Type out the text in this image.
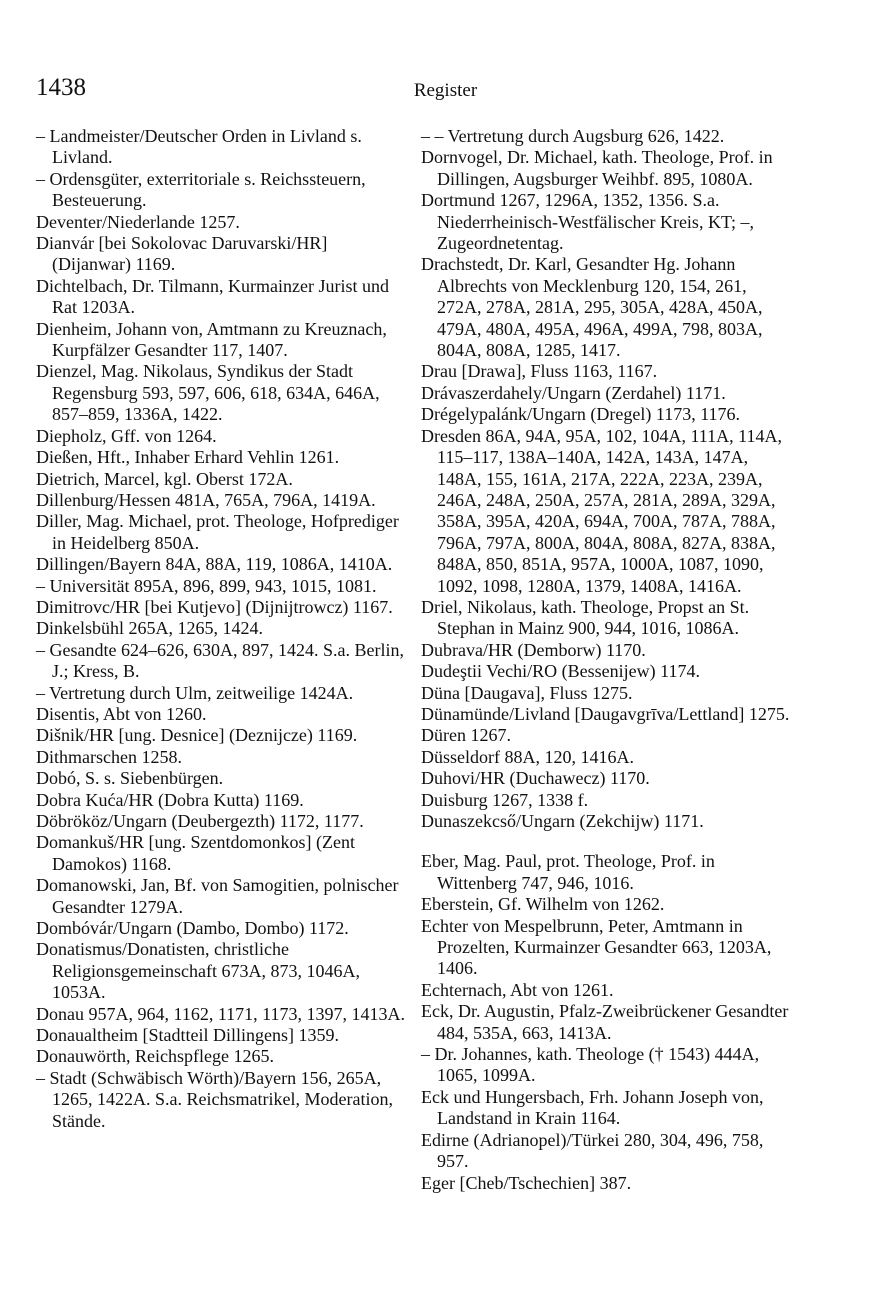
1438	Register

– Landmeister/Deutscher Orden in Livland s. Livland.

– Ordensgüter, exterritoriale s. Reichssteuern, Besteuerung.

Deventer/Niederlande 1257.

Dianvár [bei Sokolovac Daruvarski/HR] (Dijanwar) 1169.

Dichtelbach, Dr. Tilmann, Kurmainzer Jurist und Rat 1203A.

Dienheim, Johann von, Amtmann zu Kreuznach, Kurpfälzer Gesandter 117, 1407.

Dienzel, Mag. Nikolaus, Syndikus der Stadt Regensburg 593, 597, 606, 618, 634A, 646A, 857–859, 1336A, 1422.

Diepholz, Gff. von 1264.

Dießen, Hft., Inhaber Erhard Vehlin 1261.

Dietrich, Marcel, kgl. Oberst 172A.

Dillenburg/Hessen 481A, 765A, 796A, 1419A.

Diller, Mag. Michael, prot. Theologe, Hofprediger in Heidelberg 850A.

Dillingen/Bayern 84A, 88A, 119, 1086A, 1410A.

– Universität 895A, 896, 899, 943, 1015, 1081.

Dimitrovc/HR [bei Kutjevo] (Dijnijtrowcz) 1167.

Dinkelsbühl 265A, 1265, 1424.

– Gesandte 624–626, 630A, 897, 1424. S.a. Berlin, J.; Kress, B.

– Vertretung durch Ulm, zeitweilige 1424A.

Disentis, Abt von 1260.

Dišnik/HR [ung. Desnice] (Deznijcze) 1169.

Dithmarschen 1258.

Dobó, S. s. Siebenbürgen.

Dobra Kuća/HR (Dobra Kutta) 1169.

Döbrököz/Ungarn (Deubergezth) 1172, 1177.

Domankuš/HR [ung. Szentdomonkos] (Zent Damokos) 1168.

Domanowski, Jan, Bf. von Samogitien, polnischer Gesandter 1279A.

Dombóvár/Ungarn (Dambo, Dombo) 1172.

Donatismus/Donatisten, christliche Religionsgemeinschaft 673A, 873, 1046A, 1053A.

Donau 957A, 964, 1162, 1171, 1173, 1397, 1413A.

Donaualtheim [Stadtteil Dillingens] 1359.

Donauwörth, Reichspflege 1265.

– Stadt (Schwäbisch Wörth)/Bayern 156, 265A, 1265, 1422A. S.a. Reichsmatrikel, Moderation, Stände.

– – Vertretung durch Augsburg 626, 1422.

Dornvogel, Dr. Michael, kath. Theologe, Prof. in Dillingen, Augsburger Weihbf. 895, 1080A.

Dortmund 1267, 1296A, 1352, 1356. S.a. Niederrheinisch-Westfälischer Kreis, KT; –, Zugeordnetentag.

Drachstedt, Dr. Karl, Gesandter Hg. Johann Albrechts von Mecklenburg 120, 154, 261, 272A, 278A, 281A, 295, 305A, 428A, 450A, 479A, 480A, 495A, 496A, 499A, 798, 803A, 804A, 808A, 1285, 1417.

Drau [Drawa], Fluss 1163, 1167.

Drávaszerdahely/Ungarn (Zerdahel) 1171.

Drégelypalánk/Ungarn (Dregel) 1173, 1176.

Dresden 86A, 94A, 95A, 102, 104A, 111A, 114A, 115–117, 138A–140A, 142A, 143A, 147A, 148A, 155, 161A, 217A, 222A, 223A, 239A, 246A, 248A, 250A, 257A, 281A, 289A, 329A, 358A, 395A, 420A, 694A, 700A, 787A, 788A, 796A, 797A, 800A, 804A, 808A, 827A, 838A, 848A, 850, 851A, 957A, 1000A, 1087, 1090, 1092, 1098, 1280A, 1379, 1408A, 1416A.

Driel, Nikolaus, kath. Theologe, Propst an St. Stephan in Mainz 900, 944, 1016, 1086A.

Dubrava/HR (Demborw) 1170.

Dudeştii Vechi/RO (Bessenijew) 1174.

Düna [Daugava], Fluss 1275.

Dünamünde/Livland [Daugavgrīva/Lettland] 1275.

Düren 1267.

Düsseldorf 88A, 120, 1416A.

Duhovi/HR (Duchawecz) 1170.

Duisburg 1267, 1338 f.

Dunaszekcső/Ungarn (Zekchijw) 1171.

Eber, Mag. Paul, prot. Theologe, Prof. in Wittenberg 747, 946, 1016.

Eberstein, Gf. Wilhelm von 1262.

Echter von Mespelbrunn, Peter, Amtmann in Prozelten, Kurmainzer Gesandter 663, 1203A, 1406.

Echternach, Abt von 1261.

Eck, Dr. Augustin, Pfalz-Zweibrückener Gesandter 484, 535A, 663, 1413A.

– Dr. Johannes, kath. Theologe († 1543) 444A, 1065, 1099A.

Eck und Hungersbach, Frh. Johann Joseph von, Landstand in Krain 1164.

Edirne (Adrianopel)/Türkei 280, 304, 496, 758, 957.

Eger [Cheb/Tschechien] 387.
